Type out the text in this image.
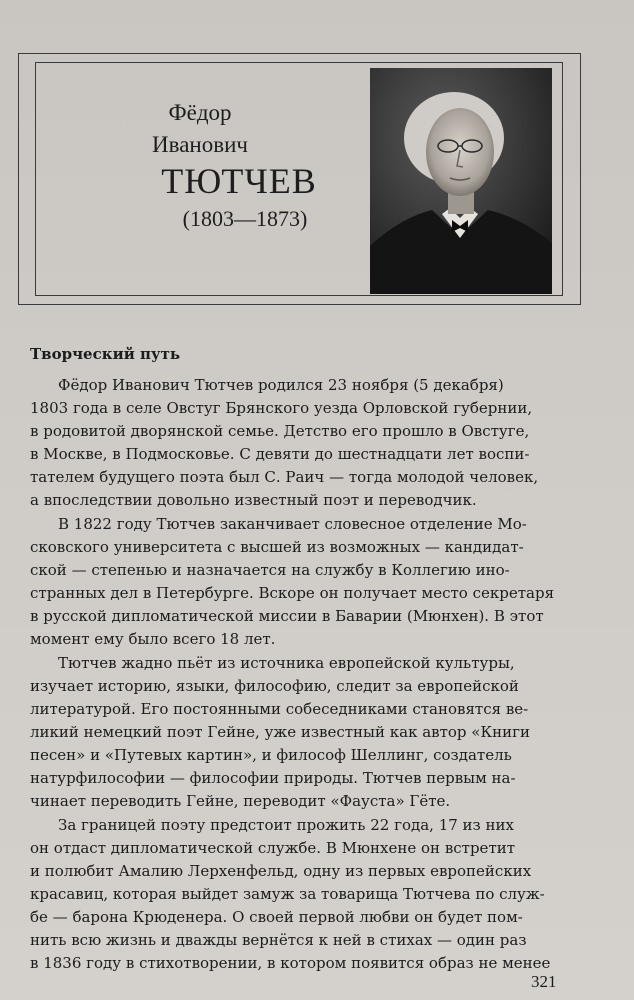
Фёдор
Иванович
ТЮТЧЕВ
(1803—1873)
Творческий путь
Фёдор Иванович Тютчев родился 23 ноября (5 декабря)
1803 года в селе Овстуг Брянского уезда Орловской губернии,
в родовитой дворянской семье. Детство его прошло в Овстуге,
в Москве, в Подмосковье. С девяти до шестнадцати лет воспи-
тателем будущего поэта был С. Раич — тогда молодой человек,
а впоследствии довольно известный поэт и переводчик.
В 1822 году Тютчев заканчивает словесное отделение Мо-
сковского университета с высшей из возможных — кандидат-
ской — степенью и назначается на службу в Коллегию ино-
странных дел в Петербурге. Вскоре он получает место секретаря
в русской дипломатической миссии в Баварии (Мюнхен). В этот
момент ему было всего 18 лет.
Тютчев жадно пьёт из источника европейской культуры,
изучает историю, языки, философию, следит за европейской
литературой. Его постоянными собеседниками становятся ве-
ликий немецкий поэт Гейне, уже известный как автор «Книги
песен» и «Путевых картин», и философ Шеллинг, создатель
натурфилософии — философии природы. Тютчев первым на-
чинает переводить Гейне, переводит «Фауста» Гёте.
За границей поэту предстоит прожить 22 года, 17 из них
он отдаст дипломатической службе. В Мюнхене он встретит
и полюбит Амалию Лерхенфельд, одну из первых европейских
красавиц, которая выйдет замуж за товарища Тютчева по служ-
бе — барона Крюденера. О своей первой любви он будет пом-
нить всю жизнь и дважды вернётся к ней в стихах — один раз
в 1836 году в стихотворении, в котором появится образ не менее
321
